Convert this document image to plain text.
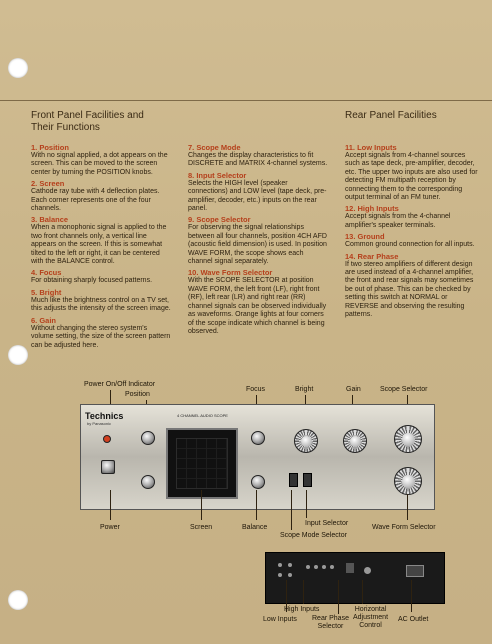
Front Panel Facilities and
Their Functions
Rear Panel Facilities
1. Position

With no signal applied, a dot appears on the screen. This can be moved to the screen center by turning the POSITION knobs.

2. Screen

Cathode ray tube with 4 deflection plates. Each corner represents one of the four channels.

3. Balance

When a monophonic signal is applied to the two front channels only, a vertical line appears on the screen. If this is somewhat tilted to the left or right, it can be centered with the BALANCE control.

4. Focus

For obtaining sharply focused patterns.

5. Bright

Much like the brightness control on a TV set, this adjusts the intensity of the screen image.

6. Gain

Without changing the stereo system's volume setting, the size of the screen pattern can be adjusted here.

7. Scope Mode

Changes the display characteristics to fit DISCRETE and MATRIX 4-channel systems.

8. Input Selector

Selects the HIGH level (speaker connections) and LOW level (tape deck, pre-amplifier, decoder, etc.) inputs on the rear panel.

9. Scope Selector

For observing the signal relationships between all four channels, position 4CH AFD (acoustic field dimension) is used. In position WAVE FORM, the scope shows each channel signal separately.

10. Wave Form Selector

With the SCOPE SELECTOR at position WAVE FORM, the left front (LF), right front (RF), left rear (LR) and right rear (RR) channel signals can be observed individually as waveforms. Orange lights at four corners of the scope indicate which channel is being observed.

11. Low Inputs

Accept signals from 4-channel sources such as tape deck, pre-amplifier, decoder, etc. The upper two inputs are also used for detecting FM multipath reception by connecting them to the corresponding output terminal of an FM tuner.

12. High Inputs

Accept signals from the 4-channel amplifier's speaker terminals.

13. Ground

Common ground connection for all inputs.

14. Rear Phase

If two stereo amplifiers of different design are used instead of a 4-channel amplifier, the front and rear signals may sometimes be out of phase. This can be checked by setting this switch at NORMAL or REVERSE and observing the resulting patterns.

Power On/Off Indicator
Position
Focus	Bright	Gain	Scope Selector
Technics
by Panasonic
4 CHANNEL AUDIO SCOPE
Power	Screen	Balance
Input Selector
Scope Mode Selector
Wave Form Selector
High Inputs
Low Inputs Rear Phase
Selector
Horizontal
Adjustment
Control
AC Outlet
